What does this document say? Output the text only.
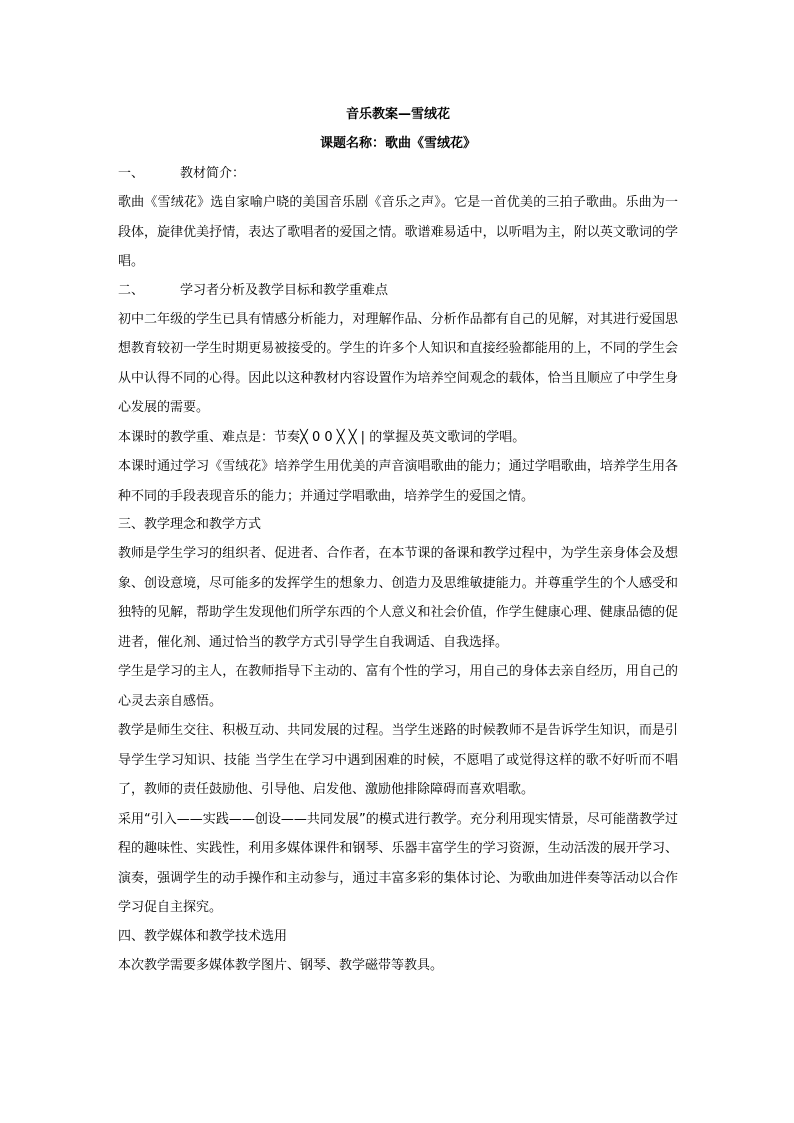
音乐教案—雪绒花

课题名称：歌曲《雪绒花》

一、	教材简介：

歌曲《雪绒花》选自家喻户晓的美国音乐剧《音乐之声》。它是一首优美的三拍子歌曲。乐曲为一段体，旋律优美抒情，表达了歌唱者的爱国之情。歌谱难易适中，以听唱为主，附以英文歌词的学唱。

二、	学习者分析及教学目标和教学重难点

初中二年级的学生已具有情感分析能力，对理解作品、分析作品都有自己的见解，对其进行爱国思想教育较初一学生时期更易被接受的。学生的许多个人知识和直接经验都能用的上，不同的学生会从中认得不同的心得。因此以这种教材内容设置作为培养空间观念的载体，恰当且顺应了中学生身心发展的需要。

本课时的教学重、难点是：节奏╳ 0 0 ╳ ╳ | 的掌握及英文歌词的学唱。

本课时通过学习《雪绒花》培养学生用优美的声音演唱歌曲的能力；通过学唱歌曲，培养学生用各种不同的手段表现音乐的能力；并通过学唱歌曲，培养学生的爱国之情。

三、教学理念和教学方式

教师是学生学习的组织者、促进者、合作者，在本节课的备课和教学过程中，为学生亲身体会及想象、创设意境，尽可能多的发挥学生的想象力、创造力及思维敏捷能力。并尊重学生的个人感受和独特的见解，帮助学生发现他们所学东西的个人意义和社会价值，作学生健康心理、健康品德的促进者，催化剂、通过恰当的教学方式引导学生自我调适、自我选择。

学生是学习的主人，在教师指导下主动的、富有个性的学习，用自己的身体去亲自经历，用自己的心灵去亲自感悟。

教学是师生交往、积极互动、共同发展的过程。当学生迷路的时候教师不是告诉学生知识，而是引导学生学习知识、技能 当学生在学习中遇到困难的时候，不愿唱了或觉得这样的歌不好听而不唱了，教师的责任鼓励他、引导他、启发他、激励他排除障碍而喜欢唱歌。

采用“引入——实践——创设——共同发展”的模式进行教学。充分利用现实情景，尽可能凿教学过程的趣味性、实践性，利用多媒体课件和钢琴、乐器丰富学生的学习资源，生动活泼的展开学习、演奏，强调学生的动手操作和主动参与，通过丰富多彩的集体讨论、为歌曲加进伴奏等活动以合作学习促自主探究。

四、教学媒体和教学技术选用

本次教学需要多媒体教学图片、钢琴、教学磁带等教具。
